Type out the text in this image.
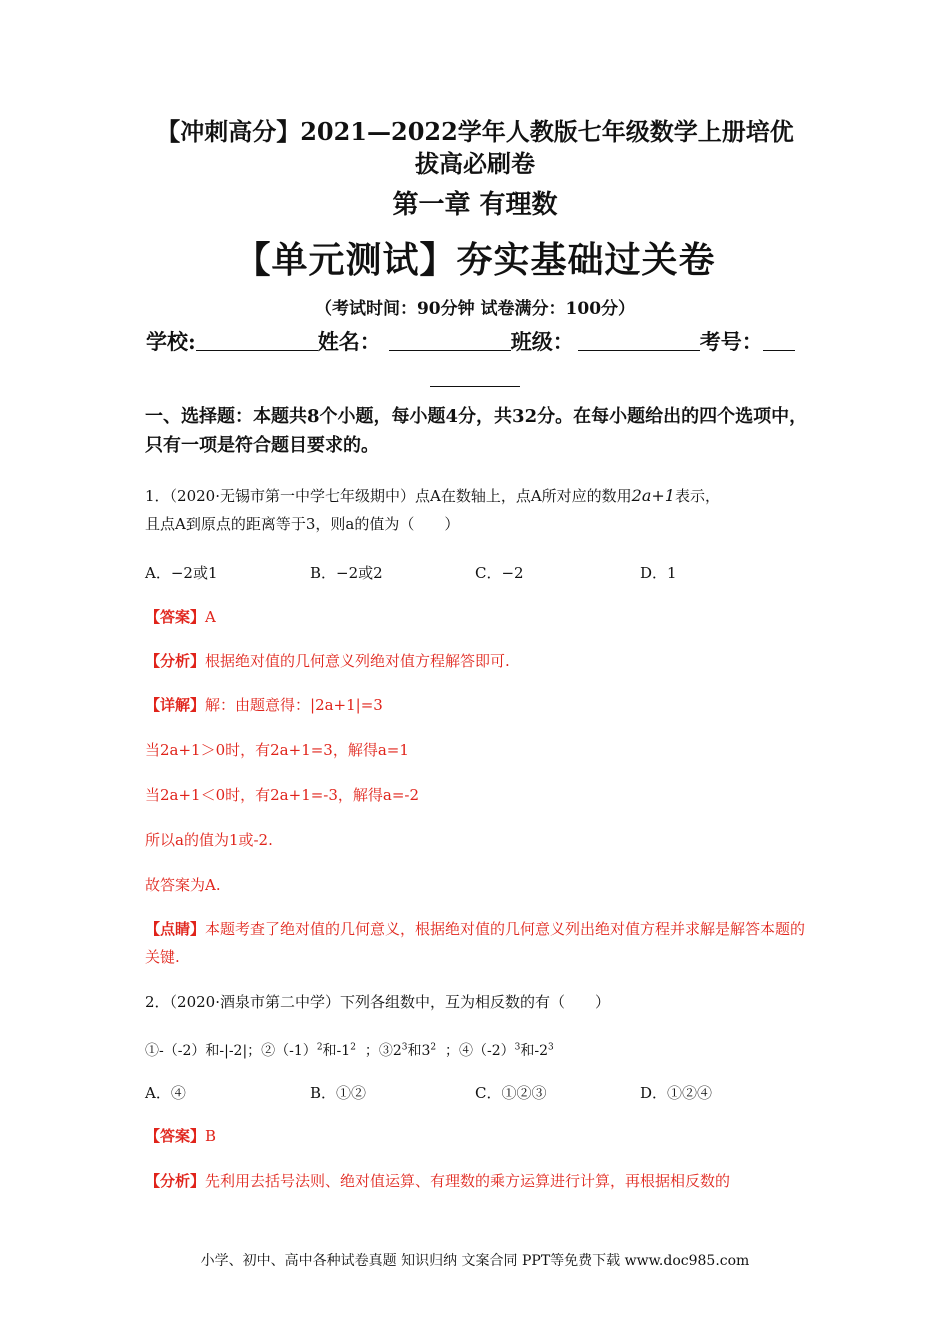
【冲刺高分】2021—2022学年人教版七年级数学上册培优
拔高必刷卷
第一章 有理数
【单元测试】夯实基础过关卷
（考试时间：90分钟 试卷满分：100分）
学校:	姓名：	班级：	考号：
一、选择题：本题共8个小题，每小题4分，共32分。在每小题给出的四个选项中，只有一项是符合题目要求的。
1．（2020·无锡市第一中学七年级期中）点A在数轴上，点A所对应的数用2a+1表示，
且点A到原点的距离等于3，则a的值为（　　）
A．−2或1	B．−2或2	C．−2	D．1
【答案】A
【分析】根据绝对值的几何意义列绝对值方程解答即可.
【详解】解：由题意得：|2a+1|=3
当2a+1＞0时，有2a+1=3，解得a=1
当2a+1＜0时，有2a+1=-3，解得a=-2
所以a的值为1或-2.
故答案为A.
【点睛】本题考查了绝对值的几何意义，根据绝对值的几何意义列出绝对值方程并求解是解答本题的关键.
2．（2020·酒泉市第二中学）下列各组数中，互为相反数的有（　　）
①-（-2）和-|-2|；$②(-1)^2$和$-1^2$  ；$③2^3$和$3^2$  ；$④(-2)^3$和$-2^3$
A．④	B．①②	C．①②③	D．①②④
【答案】B
【分析】先利用去括号法则、绝对值运算、有理数的乘方运算进行计算，再根据相反数的
小学、初中、高中各种试卷真题 知识归纳 文案合同 PPT等免费下载 www.doc985.com
